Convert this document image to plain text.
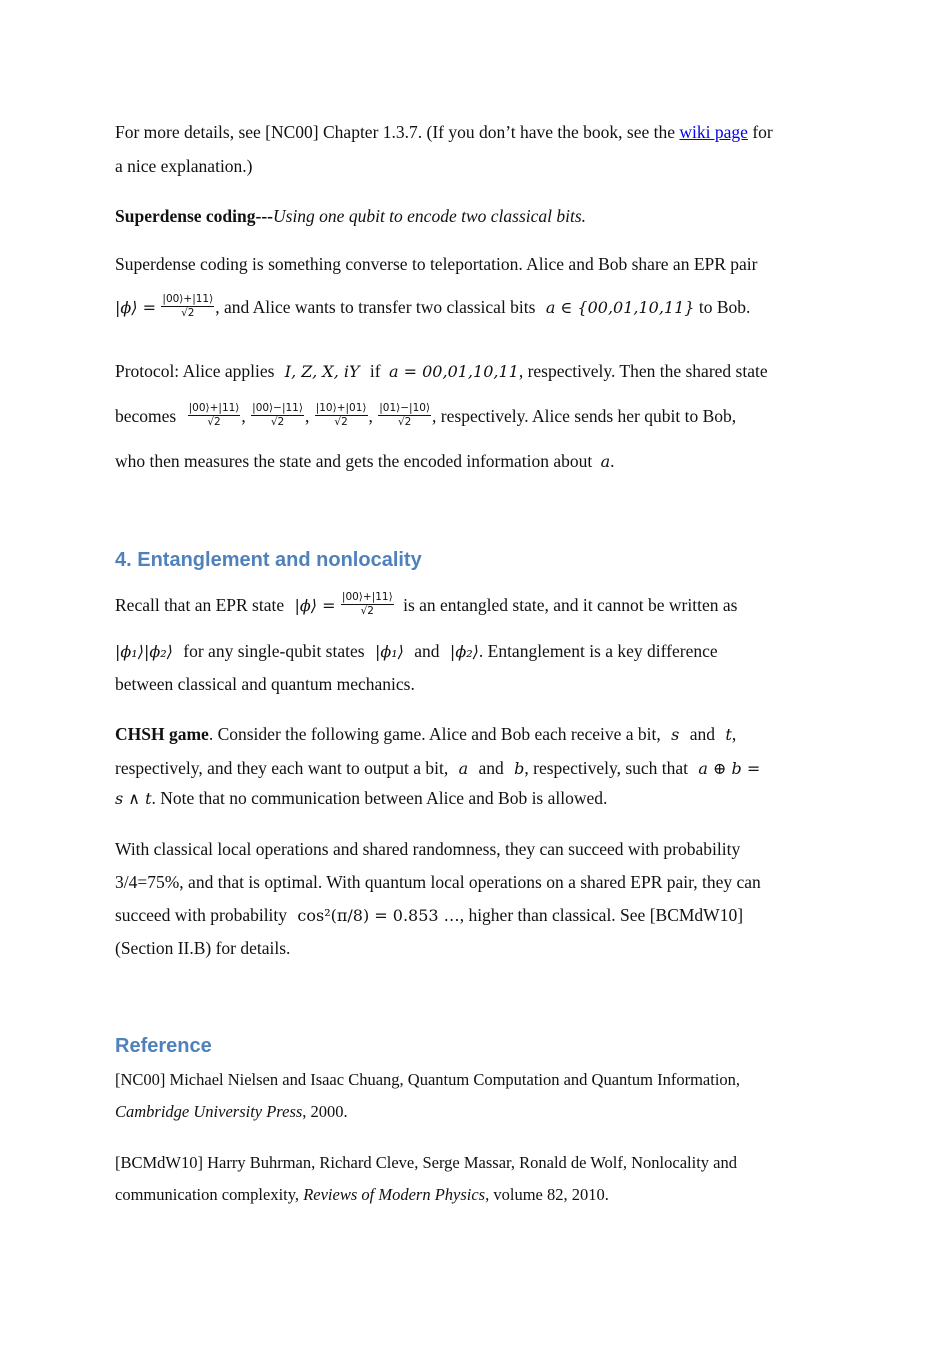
For more details, see [NC00] Chapter 1.3.7. (If you don’t have the book, see the wiki page for
a nice explanation.)
Superdense coding---Using one qubit to encode two classical bits.
Superdense coding is something converse to teleportation. Alice and Bob share an EPR pair
|ϕ⟩ = $\frac{|00⟩+|11⟩}{√2}$ , and Alice wants to transfer two classical bits a ∈ {00,01,10,11} to Bob.
Protocol: Alice applies I, Z, X, iY if a = 00,01,10,11, respectively. Then the shared state
becomes $\frac{|00⟩+|11⟩}{√2}$ , $\frac{|00⟩-|11⟩}{√2}$ , $\frac{|10⟩+|01⟩}{√2}$ , $\frac{|01⟩-|10⟩}{√2}$ , respectively. Alice sends her qubit to Bob,
who then measures the state and gets the encoded information about a.
4. Entanglement and nonlocality
Recall that an EPR state |ϕ⟩ = $\frac{|00⟩+|11⟩}{√2}$ is an entangled state, and it cannot be written as
|ϕ₁⟩|ϕ₂⟩ for any single-qubit states |ϕ₁⟩ and |ϕ₂⟩. Entanglement is a key difference
between classical and quantum mechanics.
CHSH game. Consider the following game. Alice and Bob each receive a bit, s and t,
respectively, and they each want to output a bit, a and b, respectively, such that a ⊕ b =
s ∧ t. Note that no communication between Alice and Bob is allowed.
With classical local operations and shared randomness, they can succeed with probability
3/4=75%, and that is optimal. With quantum local operations on a shared EPR pair, they can
succeed with probability cos²(π/8) = 0.853 …, higher than classical. See [BCMdW10]
(Section II.B) for details.
Reference
[NC00] Michael Nielsen and Isaac Chuang, Quantum Computation and Quantum Information,
Cambridge University Press, 2000.
[BCMdW10] Harry Buhrman, Richard Cleve, Serge Massar, Ronald de Wolf, Nonlocality and
communication complexity, Reviews of Modern Physics, volume 82, 2010.
